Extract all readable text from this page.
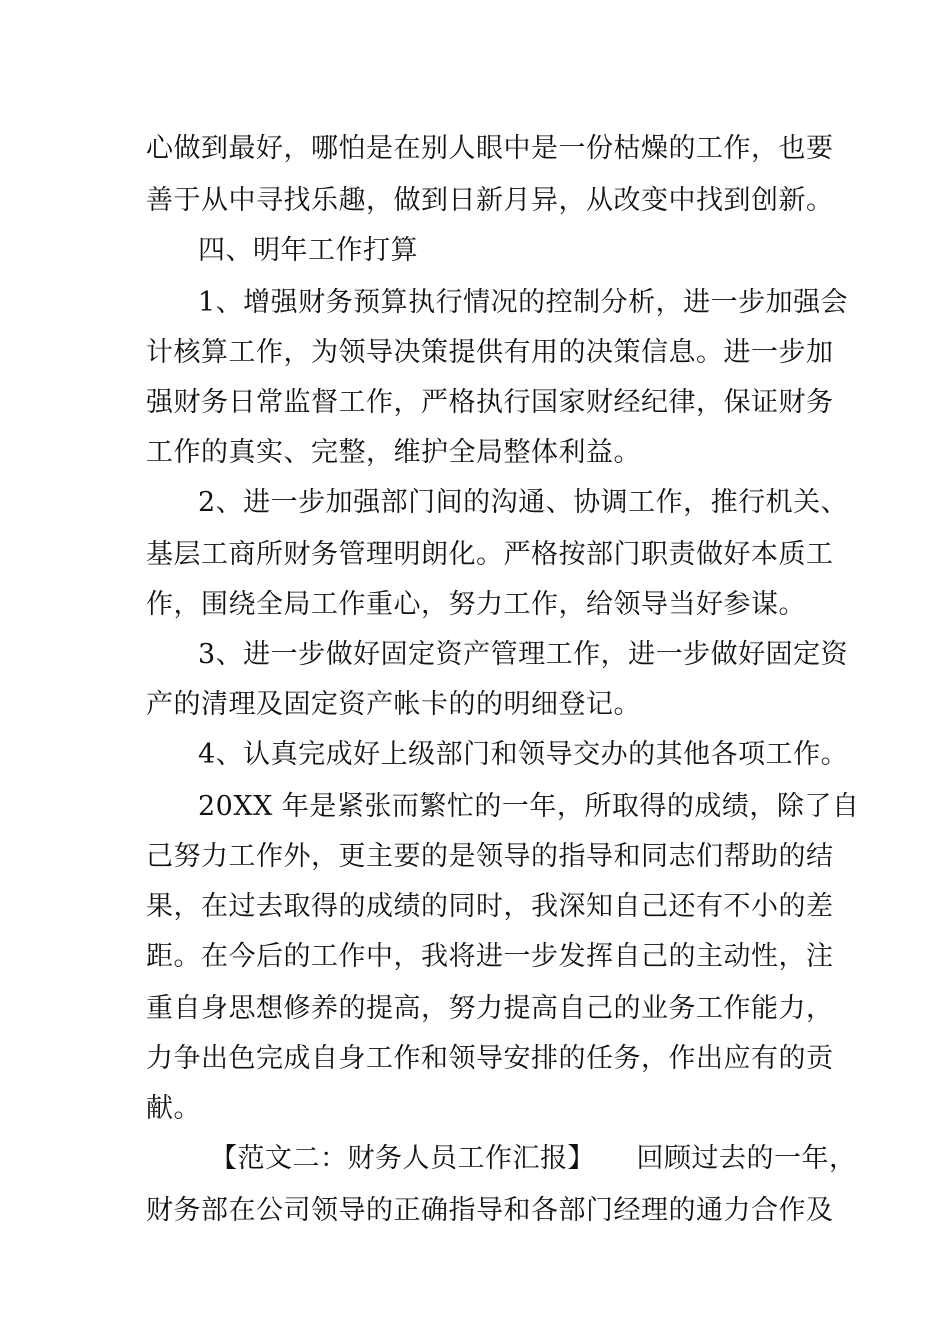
心做到最好，哪怕是在别人眼中是一份枯燥的工作，也要
善于从中寻找乐趣，做到日新月异，从改变中找到创新。
四、明年工作打算
1、增强财务预算执行情况的控制分析，进一步加强会
计核算工作，为领导决策提供有用的决策信息。进一步加
强财务日常监督工作，严格执行国家财经纪律，保证财务
工作的真实、完整，维护全局整体利益。
2、进一步加强部门间的沟通、协调工作，推行机关、
基层工商所财务管理明朗化。严格按部门职责做好本质工
作，围绕全局工作重心，努力工作，给领导当好参谋。
3、进一步做好固定资产管理工作，进一步做好固定资
产的清理及固定资产帐卡的的明细登记。
4、认真完成好上级部门和领导交办的其他各项工作。
20XX 年是紧张而繁忙的一年，所取得的成绩，除了自
己努力工作外，更主要的是领导的指导和同志们帮助的结
果，在过去取得的成绩的同时，我深知自己还有不小的差
距。在今后的工作中，我将进一步发挥自己的主动性，注
重自身思想修养的提高，努力提高自己的业务工作能力，
力争出色完成自身工作和领导安排的任务，作出应有的贡
献。
【范文二：财务人员工作汇报】　　回顾过去的一年，
财务部在公司领导的正确指导和各部门经理的通力合作及
